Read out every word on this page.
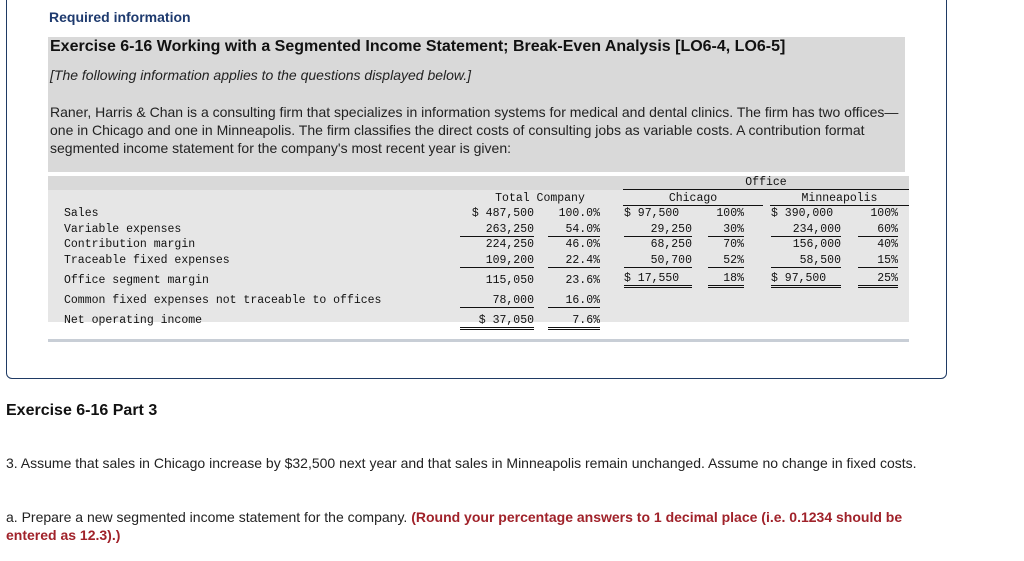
Required information

Exercise 6-16 Working with a Segmented Income Statement; Break-Even Analysis [LO6-4, LO6-5]

[The following information applies to the questions displayed below.]

Raner, Harris & Chan is a consulting firm that specializes in information systems for medical and dental clinics. The firm has two offices—one in Chicago and one in Minneapolis. The firm classifies the direct costs of consulting jobs as variable costs. A contribution format segmented income statement for the company's most recent year is given:

Office
Total Company	Chicago	Minneapolis
Sales
Variable expenses
Contribution margin
Traceable fixed expenses
Office segment margin
Common fixed expenses not traceable to offices
Net operating income
$ 487,500
263,250
224,250
109,200
115,050
78,000
$ 37,050
100.0%
54.0%
46.0%
22.4%
23.6%
16.0%
7.6%
$ 97,500
29,250
68,250
50,700
$ 17,550
100%
30%
70%
52%
18%
$ 390,000
234,000
156,000
58,500
$ 97,500
100%
60%
40%
15%
25%

Exercise 6-16 Part 3

3. Assume that sales in Chicago increase by $32,500 next year and that sales in Minneapolis remain unchanged. Assume no change in fixed costs.

a. Prepare a new segmented income statement for the company. (Round your percentage answers to 1 decimal place (i.e. 0.1234 should be entered as 12.3).)
